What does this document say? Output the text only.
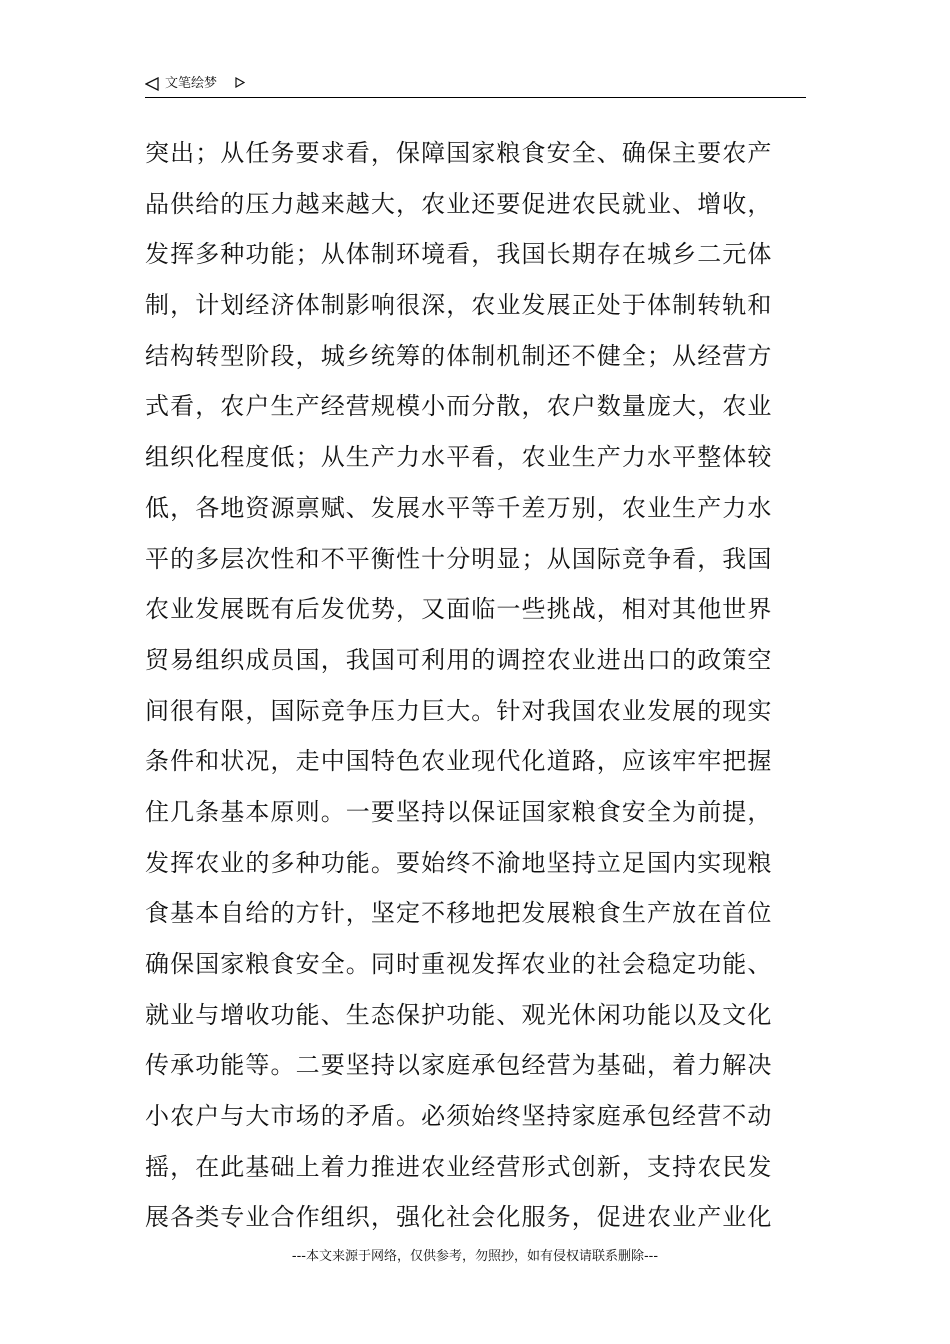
文笔绘梦
突出；从任务要求看，保障国家粮食安全、确保主要农产
品供给的压力越来越大，农业还要促进农民就业、增收，
发挥多种功能；从体制环境看，我国长期存在城乡二元体
制，计划经济体制影响很深，农业发展正处于体制转轨和
结构转型阶段，城乡统筹的体制机制还不健全；从经营方
式看，农户生产经营规模小而分散，农户数量庞大，农业
组织化程度低；从生产力水平看，农业生产力水平整体较
低，各地资源禀赋、发展水平等千差万别，农业生产力水
平的多层次性和不平衡性十分明显；从国际竞争看，我国
农业发展既有后发优势，又面临一些挑战，相对其他世界
贸易组织成员国，我国可利用的调控农业进出口的政策空
间很有限，国际竞争压力巨大。针对我国农业发展的现实
条件和状况，走中国特色农业现代化道路，应该牢牢把握
住几条基本原则。一要坚持以保证国家粮食安全为前提，
发挥农业的多种功能。要始终不渝地坚持立足国内实现粮
食基本自给的方针，坚定不移地把发展粮食生产放在首位
确保国家粮食安全。同时重视发挥农业的社会稳定功能、
就业与增收功能、生态保护功能、观光休闲功能以及文化
传承功能等。二要坚持以家庭承包经营为基础，着力解决
小农户与大市场的矛盾。必须始终坚持家庭承包经营不动
摇，在此基础上着力推进农业经营形式创新，支持农民发
展各类专业合作组织，强化社会化服务，促进农业产业化
---本文来源于网络，仅供参考，勿照抄，如有侵权请联系删除---
